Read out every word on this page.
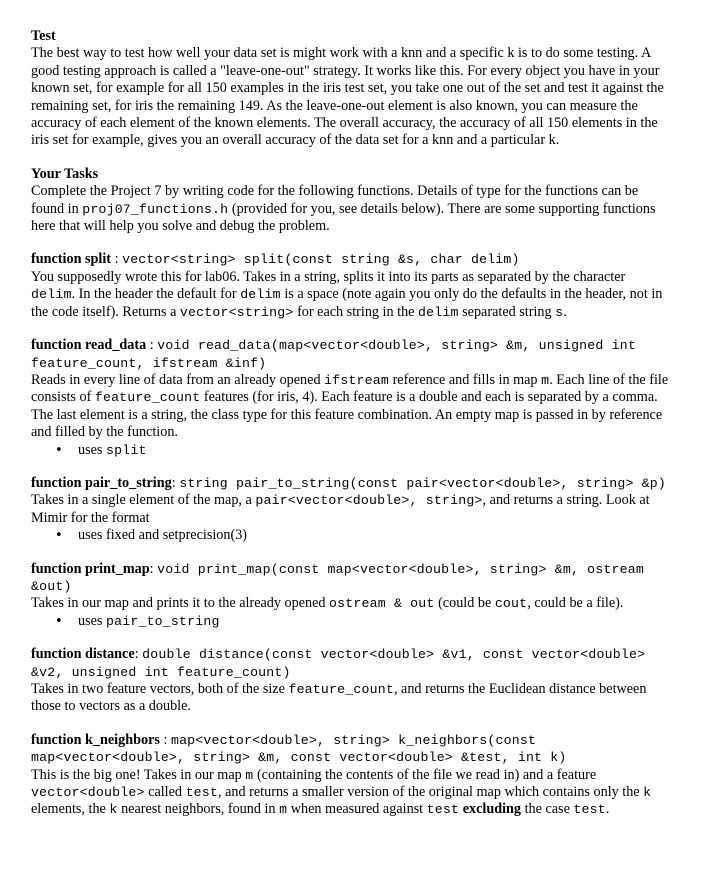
Test

The best way to test how well your data set is might work with a knn and a specific k is to do some testing. A good testing approach is called a "leave-one-out" strategy. It works like this. For every object you have in your known set, for example for all 150 examples in the iris test set, you take one out of the set and test it against the remaining set, for iris the remaining 149. As the leave-one-out element is also known, you can measure the accuracy of each element of the known elements. The overall accuracy, the accuracy of all 150 elements in the iris set for example, gives you an overall accuracy of the data set for a knn and a particular k.

Your Tasks

Complete the Project 7 by writing code for the following functions. Details of type for the functions can be found in proj07_functions.h (provided for you, see details below). There are some supporting functions here that will help you solve and debug the problem.

function split : vector<string> split(const string &s, char delim)

You supposedly wrote this for lab06. Takes in a string, splits it into its parts as separated by the character delim. In the header the default for delim is a space (note again you only do the defaults in the header, not in the code itself). Returns a vector<string> for each string in the delim separated string s.

function read_data : void read_data(map<vector<double>, string> &m, unsigned int feature_count, ifstream &inf)

Reads in every line of data from an already opened ifstream reference and fills in map m. Each line of the file consists of feature_count features (for iris, 4). Each feature is a double and each is separated by a comma. The last element is a string, the class type for this feature combination. An empty map is passed in by reference and filled by the function.

• uses split

function pair_to_string: string pair_to_string(const pair<vector<double>, string> &p)

Takes in a single element of the map, a pair<vector<double>, string>, and returns a string. Look at Mimir for the format

• uses fixed and setprecision(3)

function print_map: void print_map(const map<vector<double>, string> &m, ostream &out)

Takes in our map and prints it to the already opened ostream & out (could be cout, could be a file).

• uses pair_to_string

function distance: double distance(const vector<double> &v1, const vector<double> &v2, unsigned int feature_count)

Takes in two feature vectors, both of the size feature_count, and returns the Euclidean distance between those to vectors as a double.

function k_neighbors : map<vector<double>, string> k_neighbors(const map<vector<double>, string> &m, const vector<double> &test, int k)

This is the big one! Takes in our map m (containing the contents of the file we read in) and a feature vector<double> called test, and returns a smaller version of the original map which contains only the k elements, the k nearest neighbors, found in m when measured against test excluding the case test.
